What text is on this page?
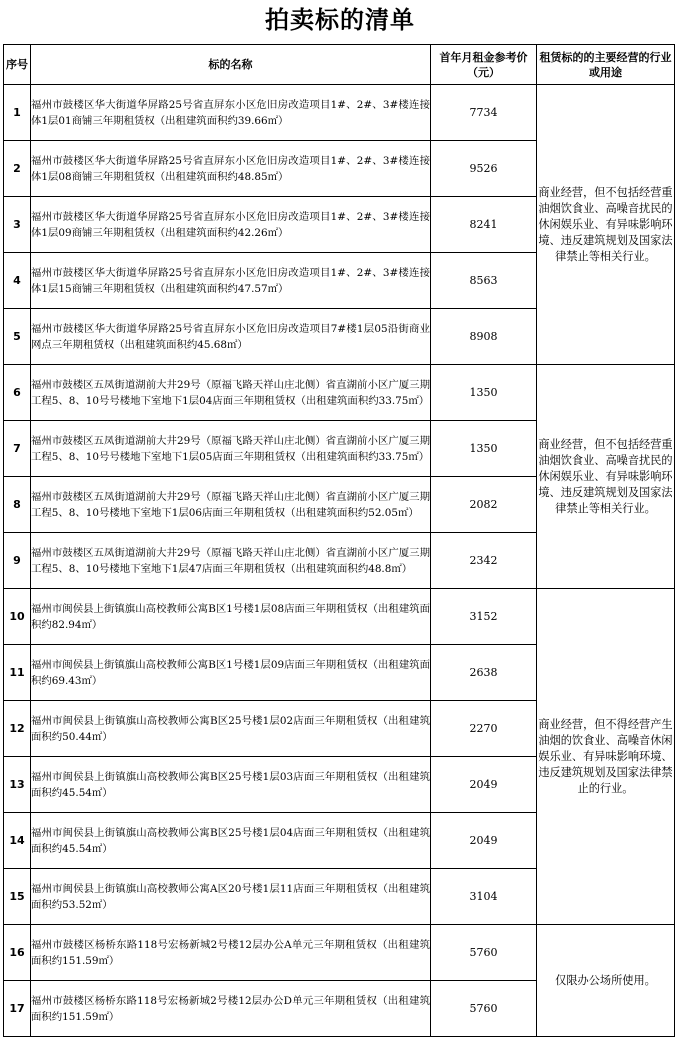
拍卖标的清单
序号	标的名称	首年月租金参考价（元）	租赁标的的主要经营的行业或用途
1	福州市鼓楼区华大街道华屏路25号省直屏东小区危旧房改造项目1#、2#、3#楼连接体1层01商铺三年期租赁权（出租建筑面积约39.66㎡）	7734	商业经营，但不包括经营重油烟饮食业、高噪音扰民的休闲娱乐业、有异味影响环境、违反建筑规划及国家法律禁止等相关行业。
2	福州市鼓楼区华大街道华屏路25号省直屏东小区危旧房改造项目1#、2#、3#楼连接体1层08商铺三年期租赁权（出租建筑面积约48.85㎡）	9526	
3	福州市鼓楼区华大街道华屏路25号省直屏东小区危旧房改造项目1#、2#、3#楼连接体1层09商铺三年期租赁权（出租建筑面积约42.26㎡）	8241	
4	福州市鼓楼区华大街道华屏路25号省直屏东小区危旧房改造项目1#、2#、3#楼连接体1层15商铺三年期租赁权（出租建筑面积约47.57㎡）	8563	
5	福州市鼓楼区华大街道华屏路25号省直屏东小区危旧房改造项目7#楼1层05沿街商业网点三年期租赁权（出租建筑面积约45.68㎡）	8908	
6	福州市鼓楼区五凤街道湖前大井29号（原福飞路天祥山庄北侧）省直湖前小区广厦三期工程5、8、10号号楼地下室地下1层04店面三年期租赁权（出租建筑面积约33.75㎡）	1350	商业经营，但不包括经营重油烟饮食业、高噪音扰民的休闲娱乐业、有异味影响环境、违反建筑规划及国家法律禁止等相关行业。
7	福州市鼓楼区五凤街道湖前大井29号（原福飞路天祥山庄北侧）省直湖前小区广厦三期工程5、8、10号号楼地下室地下1层05店面三年期租赁权（出租建筑面积约33.75㎡）	1350	
8	福州市鼓楼区五凤街道湖前大井29号（原福飞路天祥山庄北侧）省直湖前小区广厦三期工程5、8、10号楼地下室地下1层06店面三年期租赁权（出租建筑面积约52.05㎡）	2082	
9	福州市鼓楼区五凤街道湖前大井29号（原福飞路天祥山庄北侧）省直湖前小区广厦三期工程5、8、10号楼地下室地下1层47店面三年期租赁权（出租建筑面积约48.8㎡）	2342	
10	福州市闽侯县上街镇旗山高校教师公寓B区1号楼1层08店面三年期租赁权（出租建筑面积约82.94㎡）	3152	商业经营，但不得经营产生油烟的饮食业、高噪音休闲娱乐业、有异味影响环境、违反建筑规划及国家法律禁止的行业。
11	福州市闽侯县上街镇旗山高校教师公寓B区1号楼1层09店面三年期租赁权（出租建筑面积约69.43㎡）	2638	
12	福州市闽侯县上街镇旗山高校教师公寓B区25号楼1层02店面三年期租赁权（出租建筑面积约50.44㎡）	2270	
13	福州市闽侯县上街镇旗山高校教师公寓B区25号楼1层03店面三年期租赁权（出租建筑面积约45.54㎡）	2049	
14	福州市闽侯县上街镇旗山高校教师公寓B区25号楼1层04店面三年期租赁权（出租建筑面积约45.54㎡）	2049	
15	福州市闽侯县上街镇旗山高校教师公寓A区20号楼1层11店面三年期租赁权（出租建筑面积约53.52㎡）	3104	
16	福州市鼓楼区杨桥东路118号宏杨新城2号楼12层办公A单元三年期租赁权（出租建筑面积约151.59㎡）	5760	仅限办公场所使用。
17	福州市鼓楼区杨桥东路118号宏杨新城2号楼12层办公D单元三年期租赁权（出租建筑面积约151.59㎡）	5760	
